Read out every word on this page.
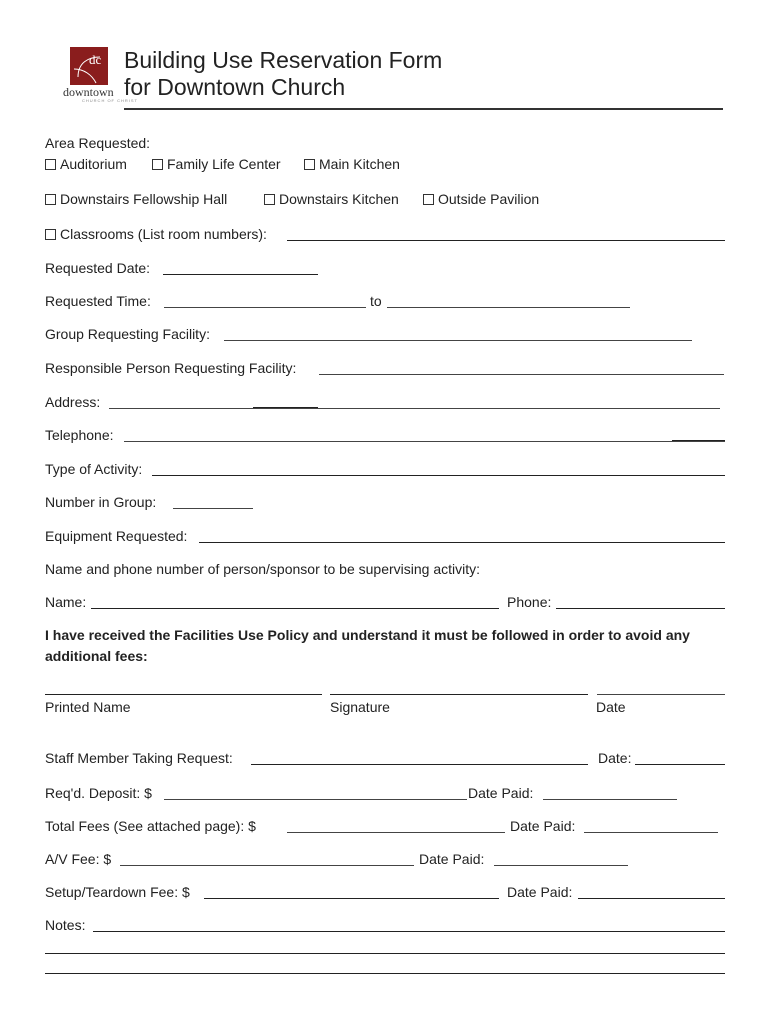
dc
downtown
CHURCH OF CHRIST
Building Use Reservation Form
for Downtown Church
Area Requested:
Auditorium	Family Life Center	Main Kitchen
Downstairs Fellowship Hall	Downstairs Kitchen	Outside Pavilion
Classrooms (List room numbers):
Requested Date:
Requested Time:	to
Group Requesting Facility:
Responsible Person Requesting Facility:
Address:
Telephone:
Type of Activity:
Number in Group:
Equipment Requested:
Name and phone number of person/sponsor to be supervising activity:
Name:	Phone:
I have received the Facilities Use Policy and understand it must be followed in order to avoid any additional fees:
Printed Name	Signature	Date
Staff Member Taking Request:	Date:
Req'd. Deposit: $	Date Paid:
Total Fees (See attached page): $	Date Paid:
A/V Fee: $	Date Paid:
Setup/Teardown Fee: $	Date Paid:
Notes:
